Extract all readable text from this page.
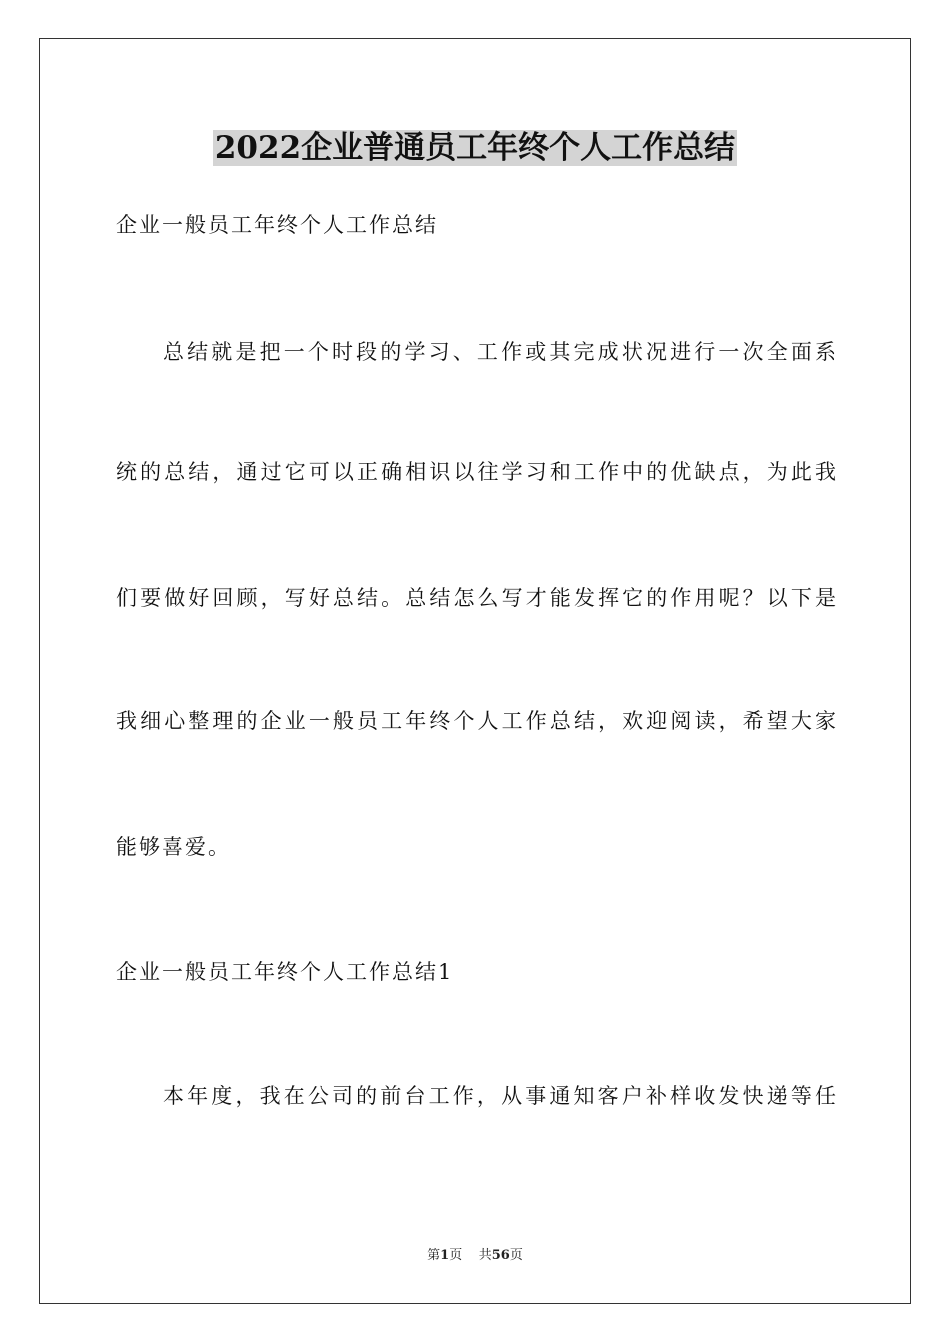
2022企业普通员工年终个人工作总结
企业一般员工年终个人工作总结
总结就是把一个时段的学习、工作或其完成状况进行一次全面系
统的总结，通过它可以正确相识以往学习和工作中的优缺点，为此我
们要做好回顾，写好总结。总结怎么写才能发挥它的作用呢？以下是
我细心整理的企业一般员工年终个人工作总结，欢迎阅读，希望大家
能够喜爱。
企业一般员工年终个人工作总结1
本年度，我在公司的前台工作，从事通知客户补样收发快递等任
第1页 共56页
